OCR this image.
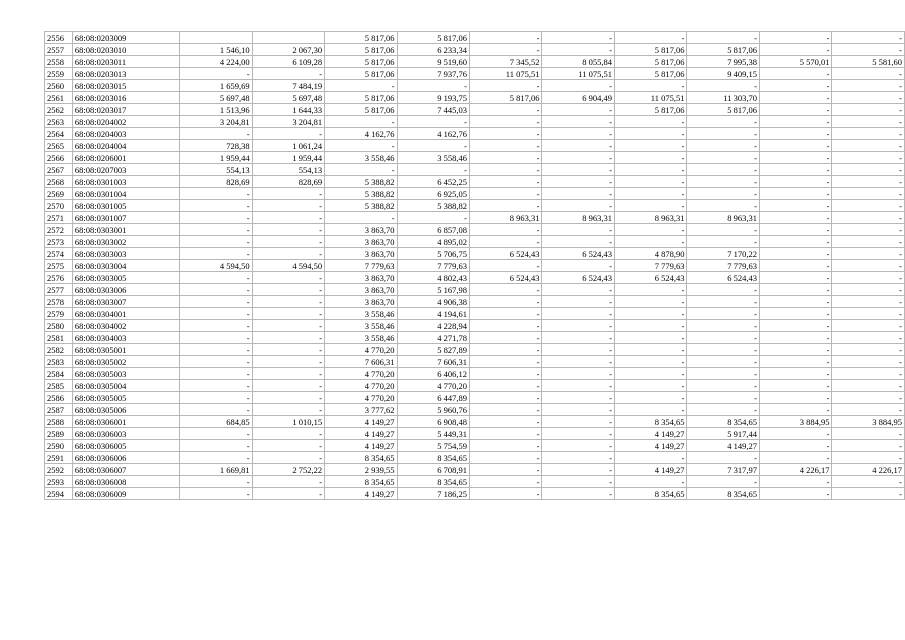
2556	68:08:0203009			5 817,06	5 817,06	-	-	-	-	-	-
2557	68:08:0203010	1 546,10	2 067,30	5 817,06	6 233,34	-	-	5 817,06	5 817,06	-	-
2558	68:08:0203011	4 224,00	6 109,28	5 817,06	9 519,60	7 345,52	8 055,84	5 817,06	7 995,38	5 570,01	5 581,60
2559	68:08:0203013	-	-	5 817,06	7 937,76	11 075,51	11 075,51	5 817,06	9 409,15	-	-
2560	68:08:0203015	1 659,69	7 484,19	-	-	-	-	-	-	-	-
2561	68:08:0203016	5 697,48	5 697,48	5 817,06	9 193,75	5 817,06	6 904,49	11 075,51	11 303,70	-	-
2562	68:08:0203017	1 513,96	1 644,33	5 817,06	7 445,03	-	-	5 817,06	5 817,06	-	-
2563	68:08:0204002	3 204,81	3 204,81	-	-	-	-	-	-	-	-
2564	68:08:0204003	-	-	4 162,76	4 162,76	-	-	-	-	-	-
2565	68:08:0204004	728,38	1 061,24	-	-	-	-	-	-	-	-
2566	68:08:0206001	1 959,44	1 959,44	3 558,46	3 558,46	-	-	-	-	-	-
2567	68:08:0207003	554,13	554,13	-	-	-	-	-	-	-	-
2568	68:08:0301003	828,69	828,69	5 388,82	6 452,25	-	-	-	-	-	-
2569	68:08:0301004	-	-	5 388,82	6 925,05	-	-	-	-	-	-
2570	68:08:0301005	-	-	5 388,82	5 388,82	-	-	-	-	-	-
2571	68:08:0301007	-	-	-	-	8 963,31	8 963,31	8 963,31	8 963,31	-	-
2572	68:08:0303001	-	-	3 863,70	6 857,08	-	-	-	-	-	-
2573	68:08:0303002	-	-	3 863,70	4 895,02	-	-	-	-	-	-
2574	68:08:0303003	-	-	3 863,70	5 706,75	6 524,43	6 524,43	4 878,90	7 170,22	-	-
2575	68:08:0303004	4 594,50	4 594,50	7 779,63	7 779,63	-	-	7 779,63	7 779,63	-	-
2576	68:08:0303005	-	-	3 863,70	4 802,43	6 524,43	6 524,43	6 524,43	6 524,43	-	-
2577	68:08:0303006	-	-	3 863,70	5 167,98	-	-	-	-	-	-
2578	68:08:0303007	-	-	3 863,70	4 906,38	-	-	-	-	-	-
2579	68:08:0304001	-	-	3 558,46	4 194,61	-	-	-	-	-	-
2580	68:08:0304002	-	-	3 558,46	4 228,94	-	-	-	-	-	-
2581	68:08:0304003	-	-	3 558,46	4 271,78	-	-	-	-	-	-
2582	68:08:0305001	-	-	4 770,20	5 827,89	-	-	-	-	-	-
2583	68:08:0305002	-	-	7 606,31	7 606,31	-	-	-	-	-	-
2584	68:08:0305003	-	-	4 770,20	6 406,12	-	-	-	-	-	-
2585	68:08:0305004	-	-	4 770,20	4 770,20	-	-	-	-	-	-
2586	68:08:0305005	-	-	4 770,20	6 447,89	-	-	-	-	-	-
2587	68:08:0305006	-	-	3 777,62	5 960,76	-	-	-	-	-	-
2588	68:08:0306001	684,85	1 010,15	4 149,27	6 908,48	-	-	8 354,65	8 354,65	3 884,95	3 884,95
2589	68:08:0306003	-	-	4 149,27	5 449,31	-	-	4 149,27	5 917,44	-	-
2590	68:08:0306005	-	-	4 149,27	5 754,59	-	-	4 149,27	4 149,27	-	-
2591	68:08:0306006	-	-	8 354,65	8 354,65	-	-	-	-	-	-
2592	68:08:0306007	1 669,81	2 752,22	2 939,55	6 708,91	-	-	4 149,27	7 317,97	4 226,17	4 226,17
2593	68:08:0306008	-	-	8 354,65	8 354,65	-	-	-	-	-	-
2594	68:08:0306009	-	-	4 149,27	7 186,25	-	-	8 354,65	8 354,65	-	-
